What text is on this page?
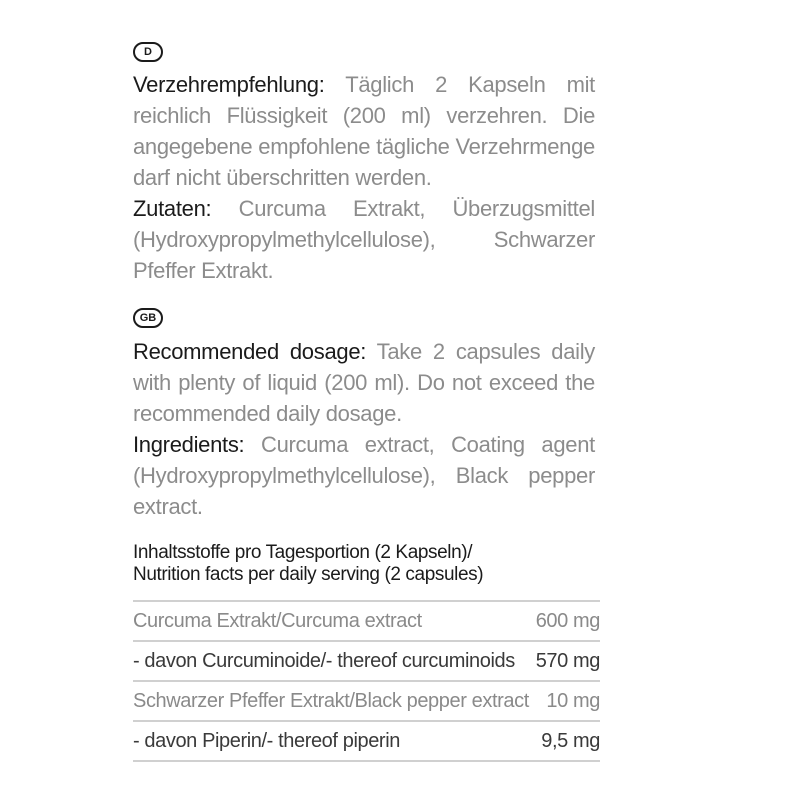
D
Verzehrempfehlung: Täglich 2 Kapseln mit reichlich Flüssigkeit (200 ml) verzehren. Die angegebene empfohlene tägliche Verzehrmenge darf nicht überschritten werden.
Zutaten: Curcuma Extrakt, Überzugsmittel (Hydroxypropylmethylcellulose), Schwarzer Pfeffer Extrakt.
GB
Recommended dosage: Take 2 capsules daily with plenty of liquid (200 ml). Do not exceed the recommended daily dosage.
Ingredients: Curcuma extract, Coating agent (Hydroxypropylmethylcellulose), Black pepper extract.
Inhaltsstoffe pro Tagesportion (2 Kapseln)/
Nutrition facts per daily serving (2 capsules)
Curcuma Extrakt/Curcuma extract	600 mg
- davon Curcuminoide/- thereof curcuminoids 570 mg
Schwarzer Pfeffer Extrakt/Black pepper extract 10 mg
- davon Piperin/- thereof piperin	9,5 mg
